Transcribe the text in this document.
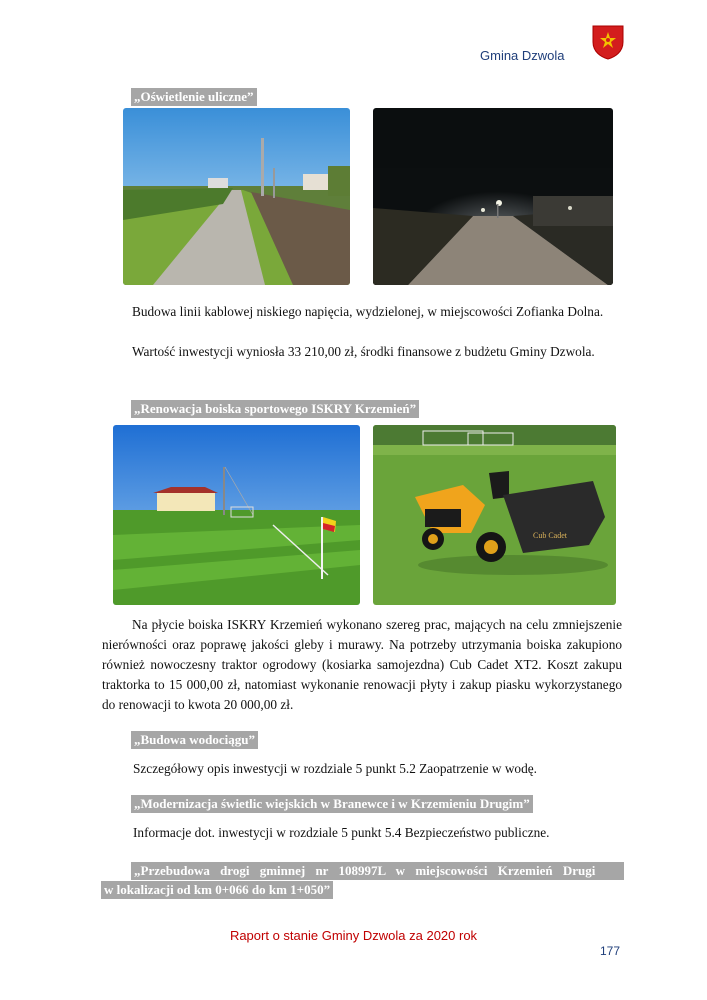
Gmina Dzwola
„Oświetlenie uliczne”
Budowa linii kablowej niskiego napięcia, wydzielonej, w miejscowości Zofianka Dolna.
Wartość inwestycji wyniosła 33 210,00 zł, środki finansowe z budżetu Gminy Dzwola.
„Renowacja boiska sportowego ISKRY Krzemień”
Cub Cadet
Na płycie boiska ISKRY Krzemień wykonano szereg prac, mających na celu zmniejszenie nierówności oraz poprawę jakości gleby i murawy. Na potrzeby utrzymania boiska zakupiono również nowoczesny traktor ogrodowy (kosiarka samojezdna) Cub Cadet XT2. Koszt zakupu traktorka to 15 000,00 zł, natomiast wykonanie renowacji płyty i zakup piasku wykorzystanego do renowacji to kwota 20 000,00 zł.
„Budowa wodociągu”
Szczegółowy opis inwestycji w rozdziale 5 punkt 5.2 Zaopatrzenie w wodę.
„Modernizacja świetlic wiejskich w Branewce i w Krzemieniu Drugim”
Informacje dot. inwestycji w rozdziale 5 punkt 5.4 Bezpieczeństwo publiczne.
„Przebudowa drogi gminnej nr 108997L w miejscowości Krzemień Drugi
w lokalizacji od km 0+066 do km 1+050”
Raport o stanie Gminy Dzwola za 2020 rok
177
